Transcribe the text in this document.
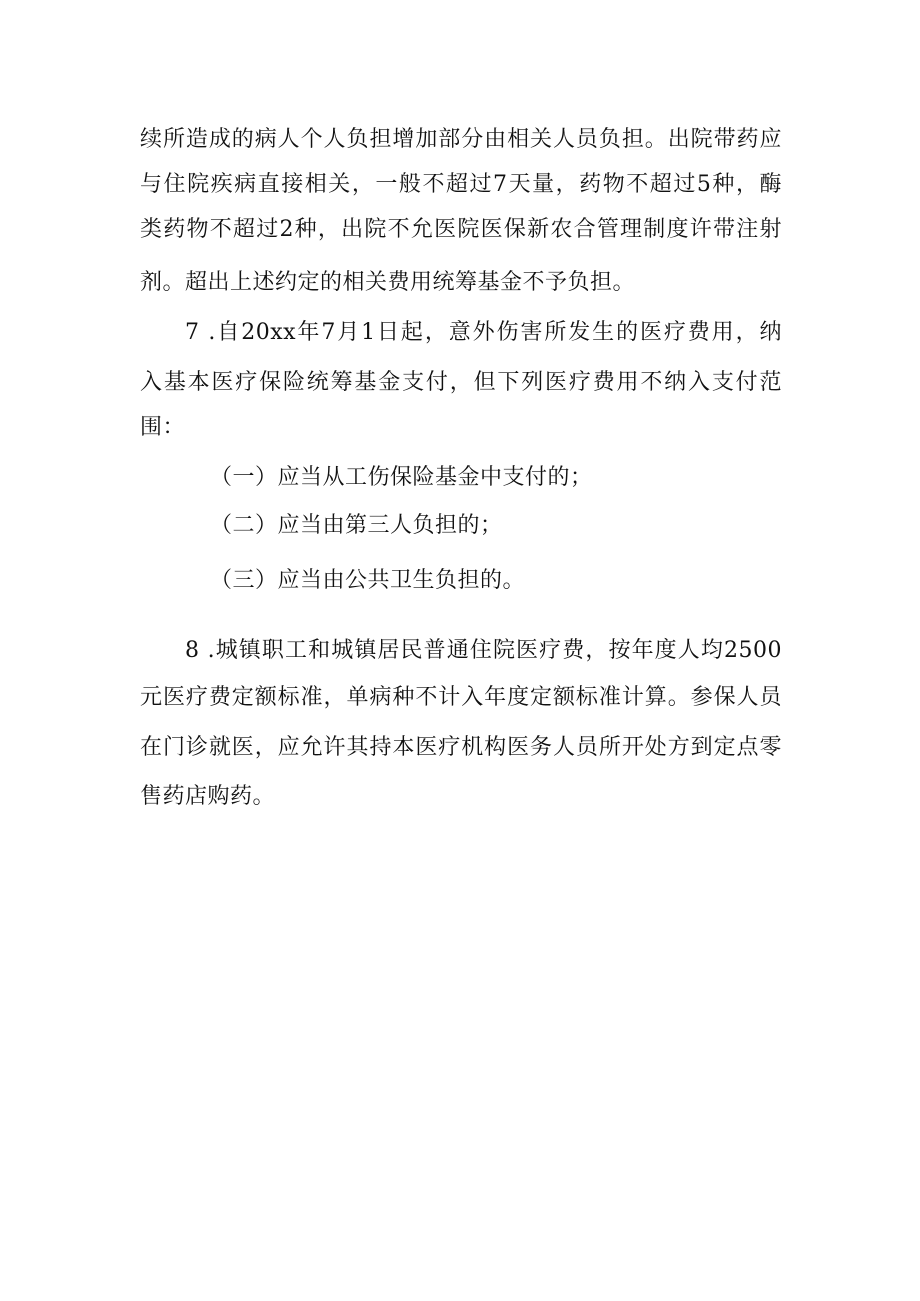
续所造成的病人个人负担增加部分由相关人员负担。出院带药应
与住院疾病直接相关，一般不超过7天量，药物不超过5种，酶
类药物不超过2种，出院不允医院医保新农合管理制度许带注射
剂。超出上述约定的相关费用统筹基金不予负担。
7 .自20xx年7月1日起，意外伤害所发生的医疗费用，纳
入基本医疗保险统筹基金支付，但下列医疗费用不纳入支付范
围：
（一）应当从工伤保险基金中支付的；
（二）应当由第三人负担的；
（三）应当由公共卫生负担的。
8 .城镇职工和城镇居民普通住院医疗费，按年度人均2500
元医疗费定额标准，单病种不计入年度定额标准计算。参保人员
在门诊就医，应允许其持本医疗机构医务人员所开处方到定点零
售药店购药。
